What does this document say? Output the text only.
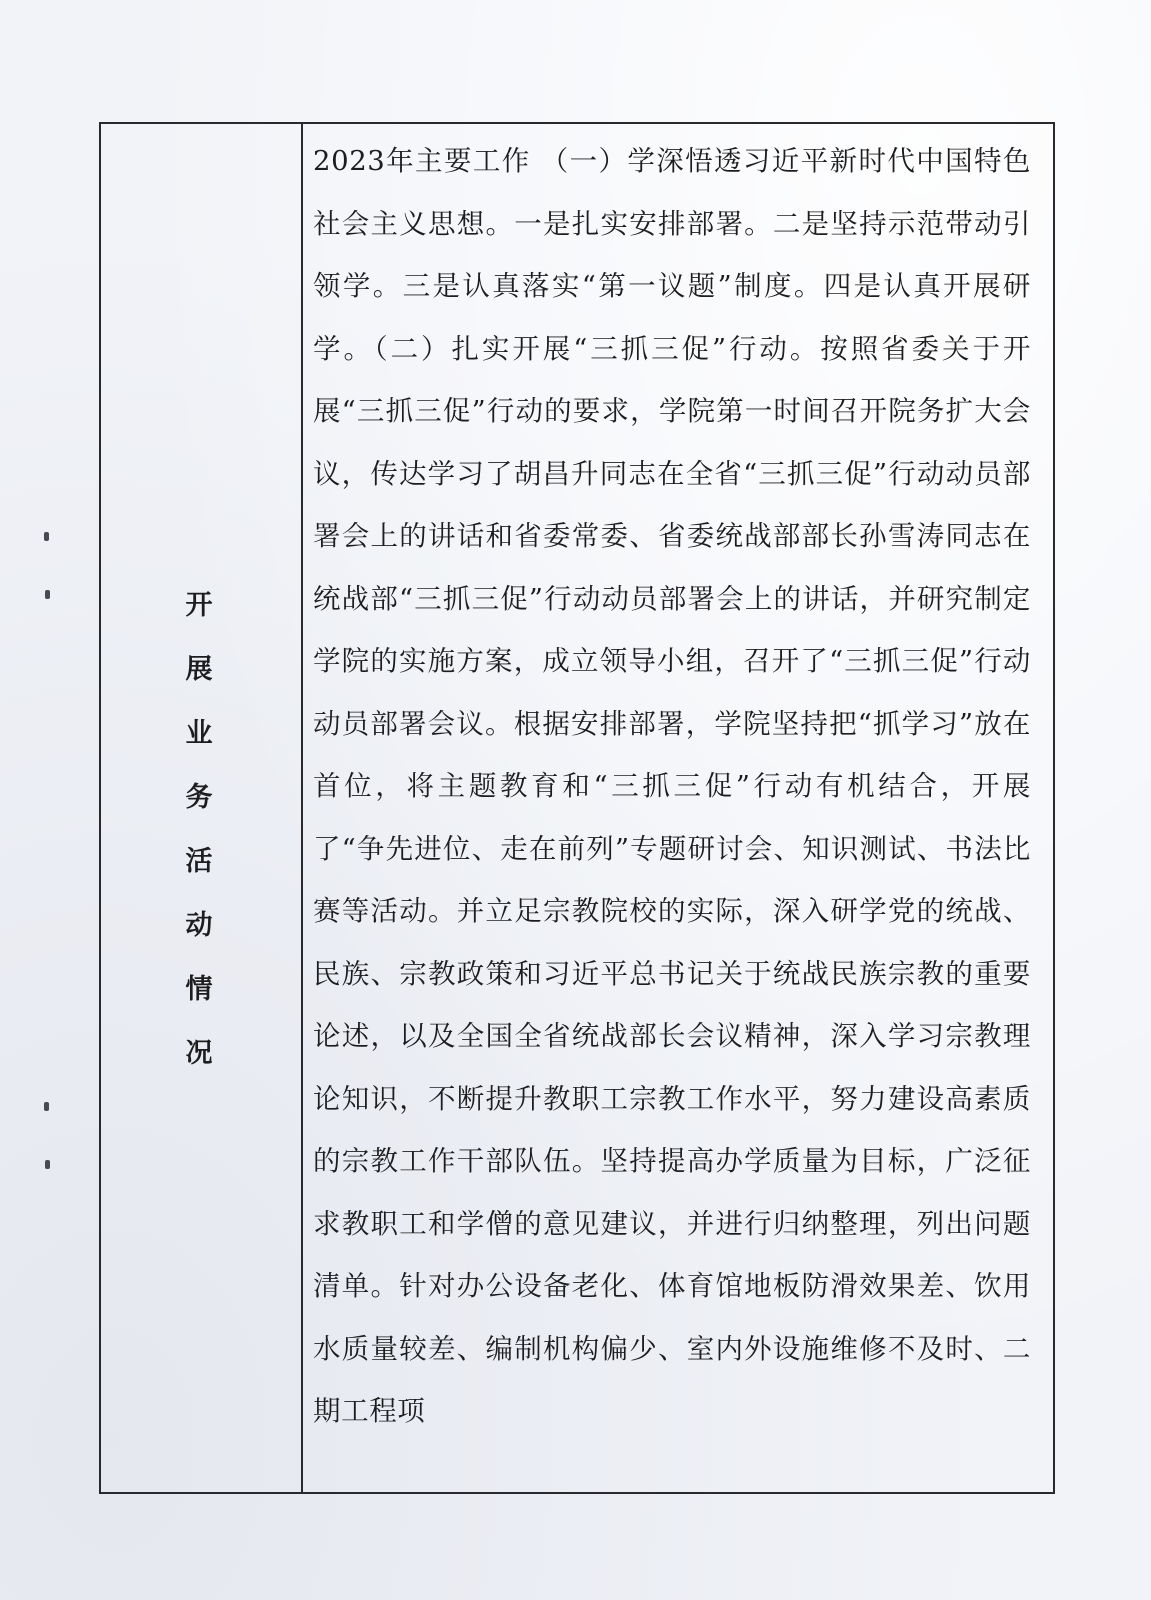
开展业务活动情况
2023年主要工作 （一）学深悟透习近平新时代中国特色社会主义思想。一是扎实安排部署。二是坚持示范带动引领学。三是认真落实“第一议题”制度。四是认真开展研学。（二）扎实开展“三抓三促”行动。按照省委关于开展“三抓三促”行动的要求，学院第一时间召开院务扩大会议，传达学习了胡昌升同志在全省“三抓三促”行动动员部署会上的讲话和省委常委、省委统战部部长孙雪涛同志在统战部“三抓三促”行动动员部署会上的讲话，并研究制定学院的实施方案，成立领导小组，召开了“三抓三促”行动动员部署会议。根据安排部署，学院坚持把“抓学习”放在首位，将主题教育和“三抓三促”行动有机结合，开展了“争先进位、走在前列”专题研讨会、知识测试、书法比赛等活动。并立足宗教院校的实际，深入研学党的统战、民族、宗教政策和习近平总书记关于统战民族宗教的重要论述，以及全国全省统战部长会议精神，深入学习宗教理论知识，不断提升教职工宗教工作水平，努力建设高素质的宗教工作干部队伍。坚持提高办学质量为目标，广泛征求教职工和学僧的意见建议，并进行归纳整理，列出问题清单。针对办公设备老化、体育馆地板防滑效果差、饮用水质量较差、编制机构偏少、室内外设施维修不及时、二期工程项
